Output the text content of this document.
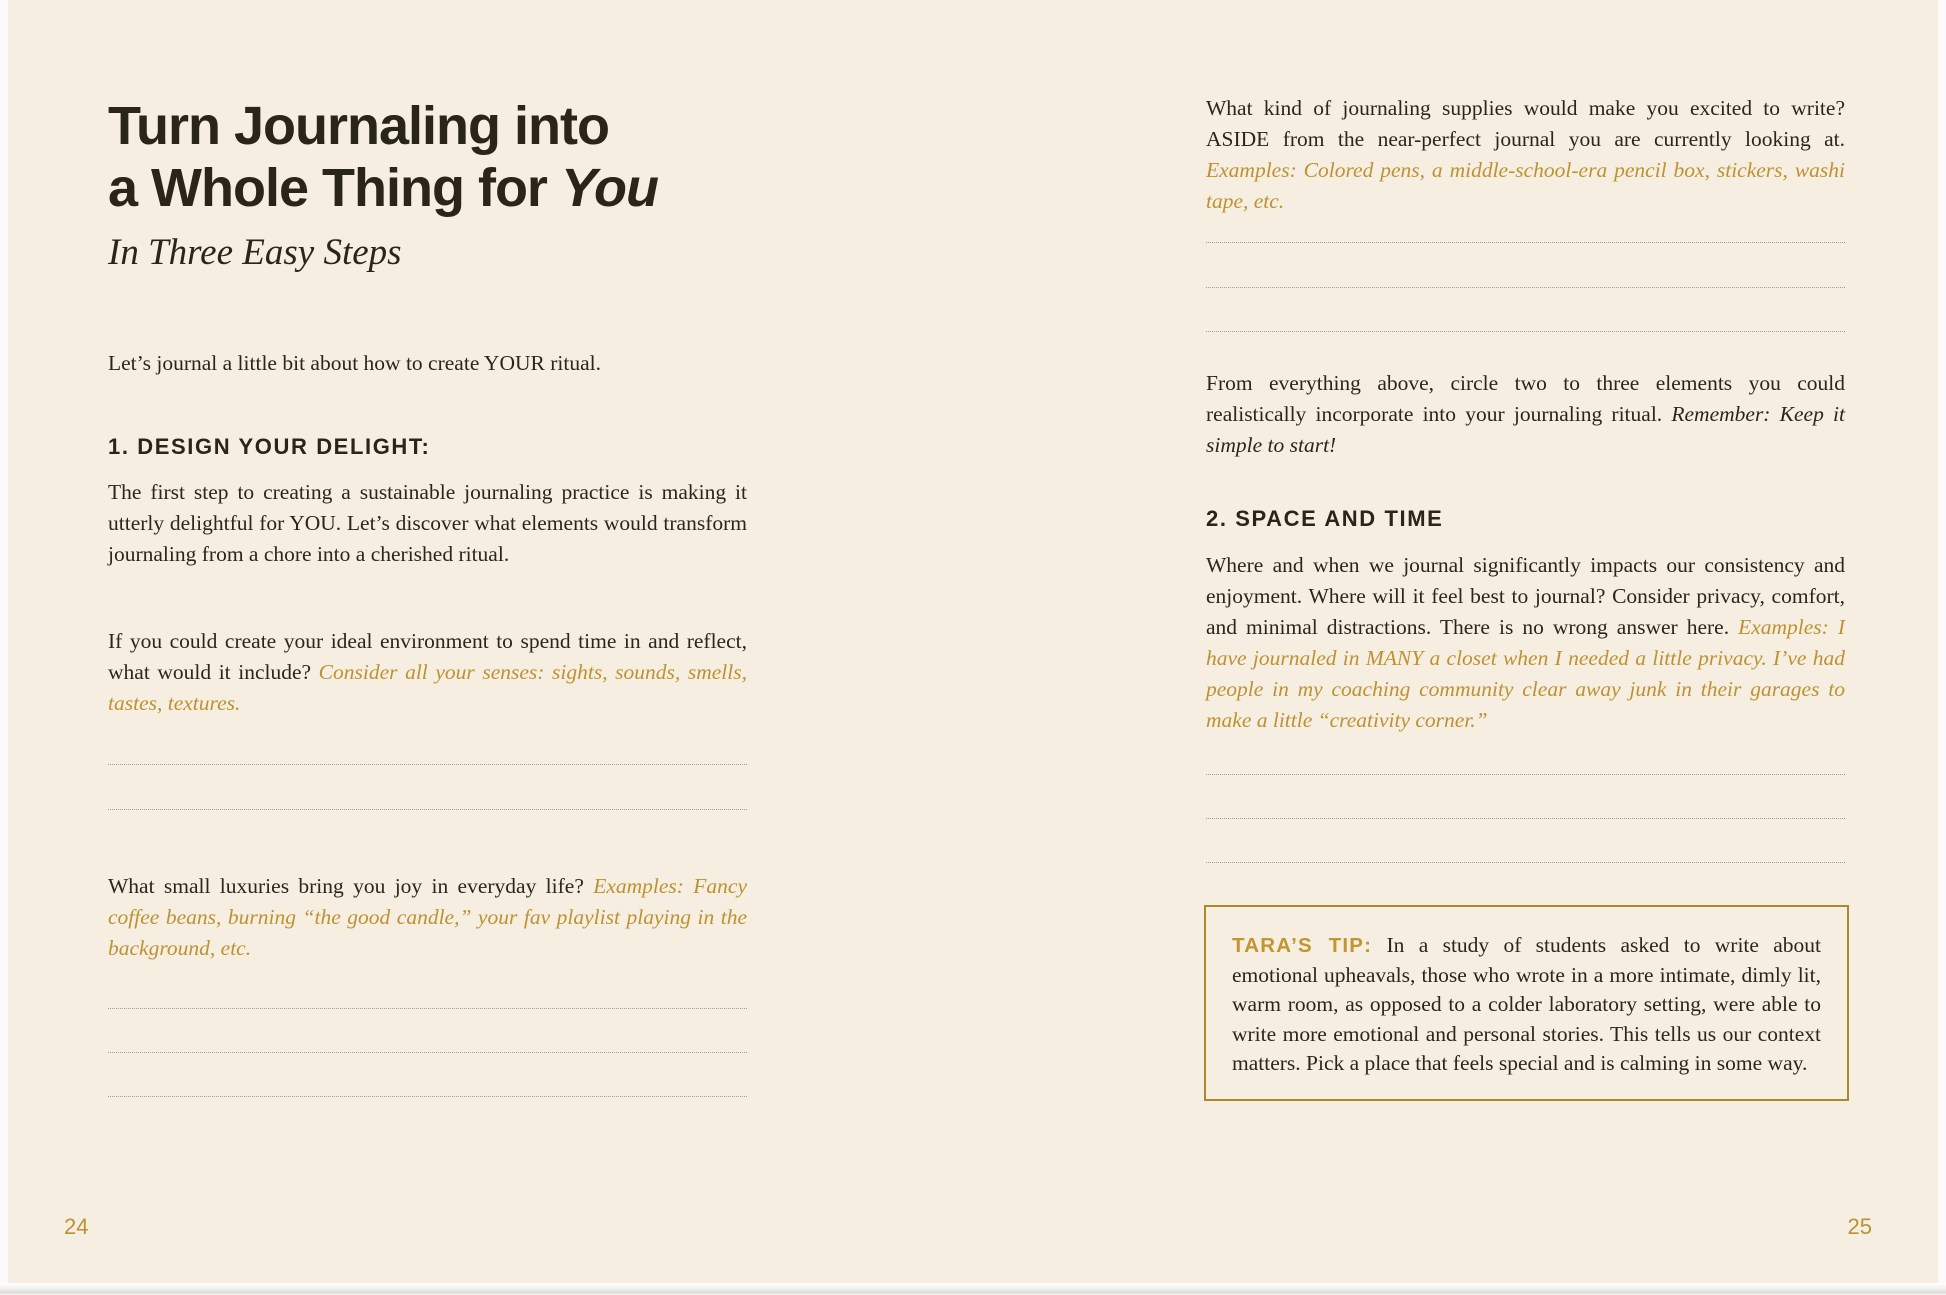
Turn Journaling into
a Whole Thing for You
In Three Easy Steps

Let’s journal a little bit about how to create YOUR ritual.

1. DESIGN YOUR DELIGHT:

The first step to creating a sustainable journaling practice is making it utterly delightful for YOU. Let’s discover what elements would transform journaling from a chore into a cherished ritual.

If you could create your ideal environment to spend time in and reflect, what would it include? Consider all your senses: sights, sounds, smells, tastes, textures.

What small luxuries bring you joy in everyday life? Examples: Fancy coffee beans, burning “the good candle,” your fav playlist playing in the background, etc.

24

What kind of journaling supplies would make you excited to write? ASIDE from the near-perfect journal you are currently looking at. Examples: Colored pens, a middle-school-era pencil box, stickers, washi tape, etc.

From everything above, circle two to three elements you could realistically incorporate into your journaling ritual. Remember: Keep it simple to start!

2. SPACE AND TIME

Where and when we journal significantly impacts our consistency and enjoyment. Where will it feel best to journal? Consider privacy, comfort, and minimal distractions. There is no wrong answer here. Examples: I have journaled in MANY a closet when I needed a little privacy. I’ve had people in my coaching community clear away junk in their garages to make a little “creativity corner.”

TARA’S TIP: In a study of students asked to write about emotional upheavals, those who wrote in a more intimate, dimly lit, warm room, as opposed to a colder laboratory setting, were able to write more emotional and personal stories. This tells us our context matters. Pick a place that feels special and is calming in some way.

25
